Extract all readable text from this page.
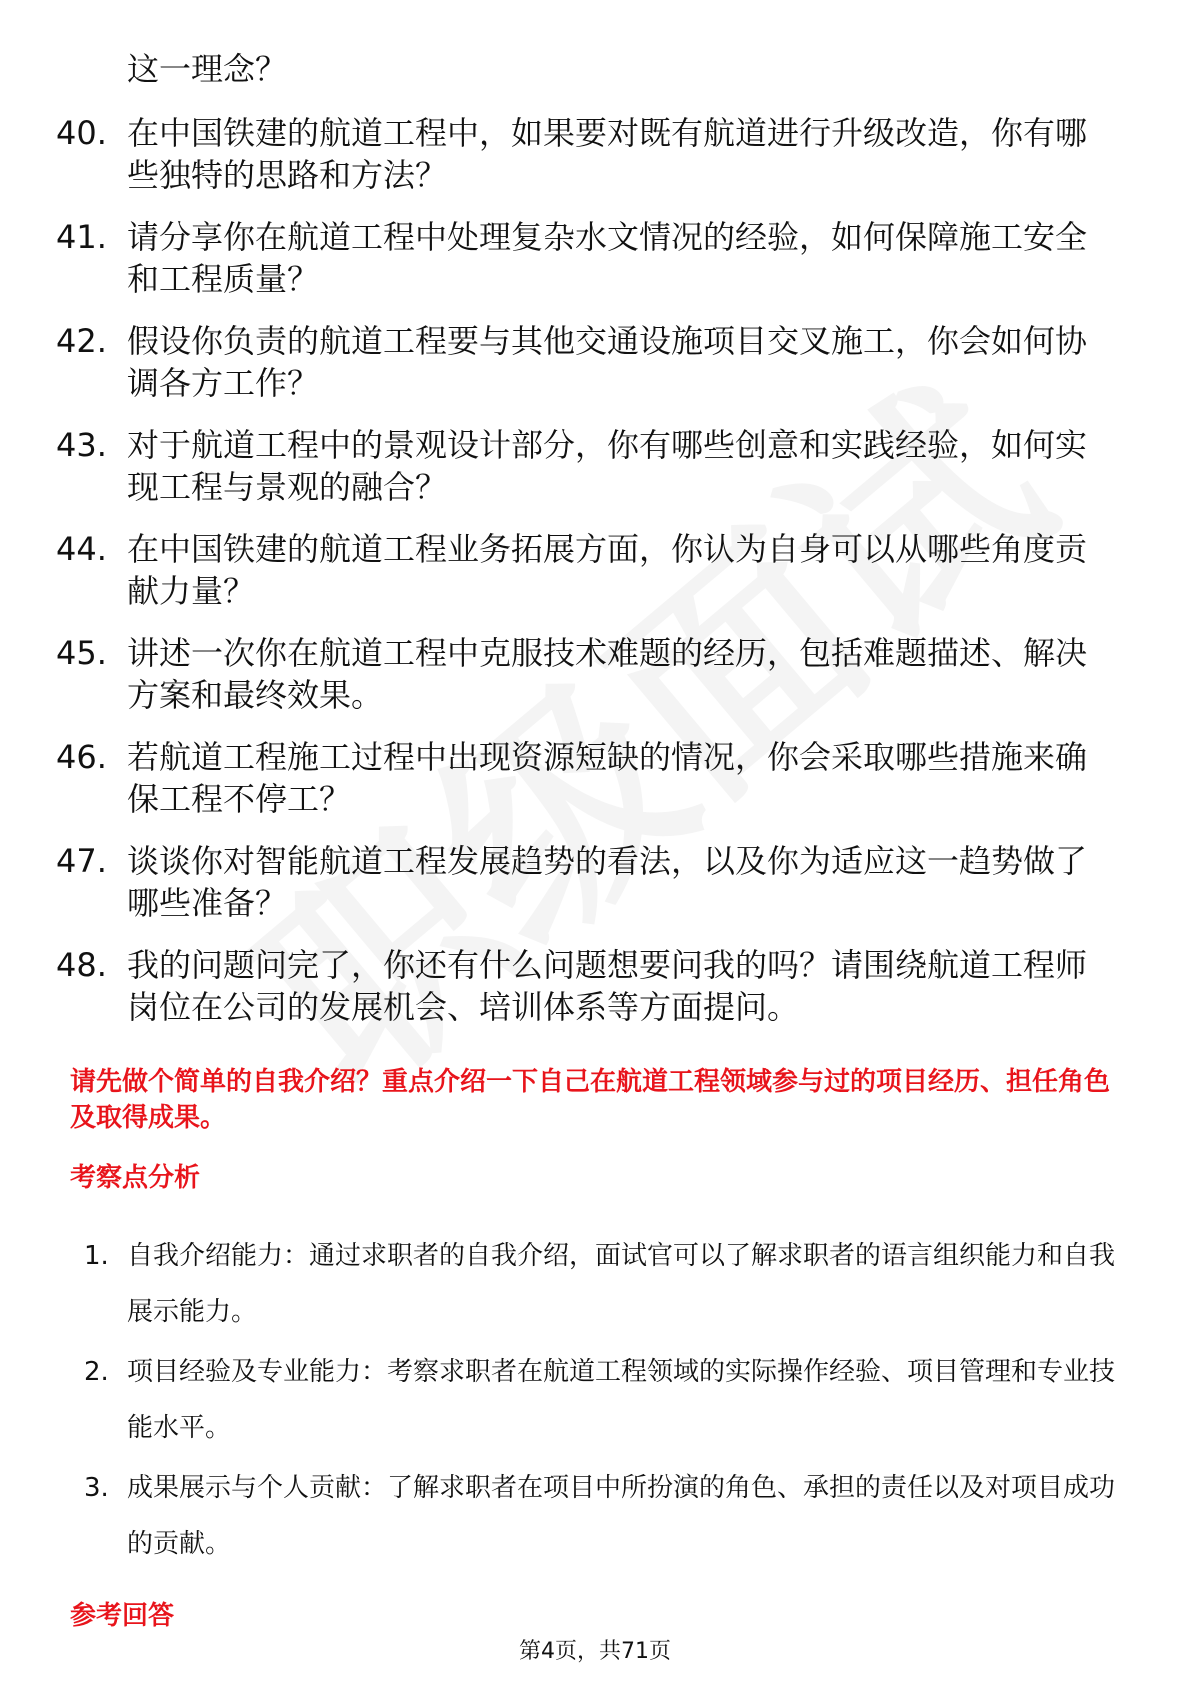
这一理念？
40. 在中国铁建的航道工程中，如果要对既有航道进行升级改造，你有哪些独特的思路和方法？
41. 请分享你在航道工程中处理复杂水文情况的经验，如何保障施工安全和工程质量？
42. 假设你负责的航道工程要与其他交通设施项目交叉施工，你会如何协调各方工作？
43. 对于航道工程中的景观设计部分，你有哪些创意和实践经验，如何实现工程与景观的融合？
44. 在中国铁建的航道工程业务拓展方面，你认为自身可以从哪些角度贡献力量？
45. 讲述一次你在航道工程中克服技术难题的经历，包括难题描述、解决方案和最终效果。
46. 若航道工程施工过程中出现资源短缺的情况，你会采取哪些措施来确保工程不停工？
47. 谈谈你对智能航道工程发展趋势的看法，以及你为适应这一趋势做了哪些准备？
48. 我的问题问完了，你还有什么问题想要问我的吗？请围绕航道工程师岗位在公司的发展机会、培训体系等方面提问。
请先做个简单的自我介绍？重点介绍一下自己在航道工程领域参与过的项目经历、担任角色及取得成果。
考察点分析
1. 自我介绍能力：通过求职者的自我介绍，面试官可以了解求职者的语言组织能力和自我展示能力。
2. 项目经验及专业能力：考察求职者在航道工程领域的实际操作经验、项目管理和专业技能水平。
3. 成果展示与个人贡献：了解求职者在项目中所扮演的角色、承担的责任以及对项目成功的贡献。
参考回答
第4页，共71页
